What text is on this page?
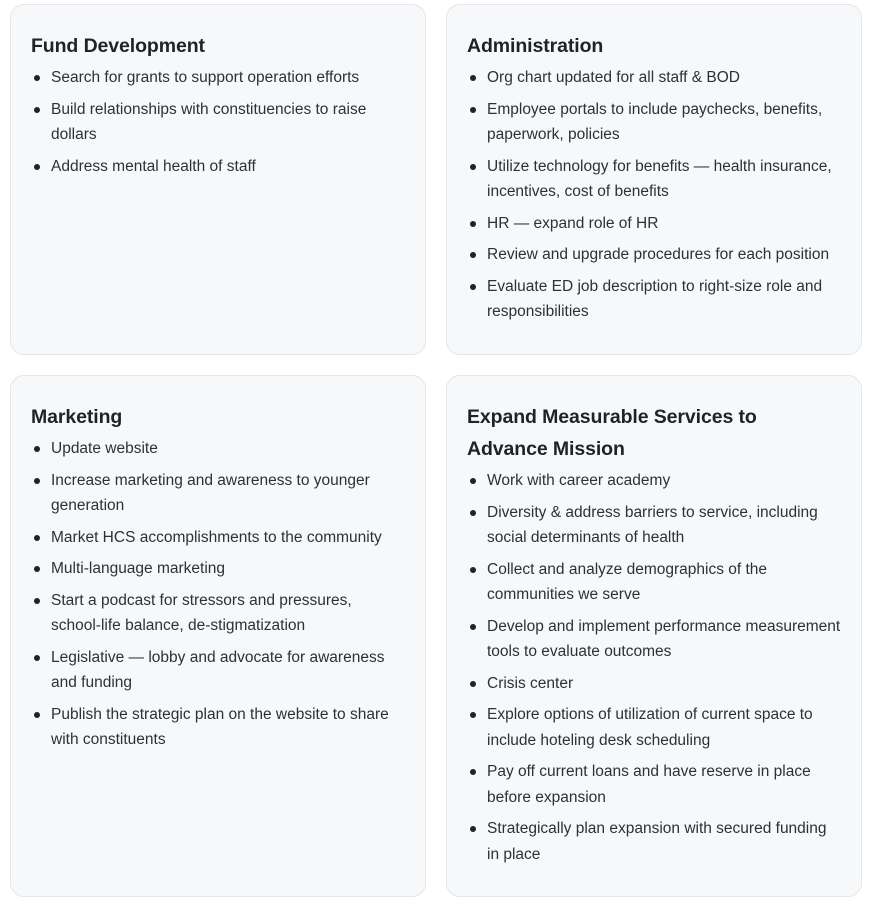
Fund Development
Search for grants to support operation efforts
Build relationships with constituencies to raise dollars
Address mental health of staff
Administration
Org chart updated for all staff & BOD
Employee portals to include paychecks, benefits, paperwork, policies
Utilize technology for benefits — health insurance, incentives, cost of benefits
HR — expand role of HR
Review and upgrade procedures for each position
Evaluate ED job description to right-size role and responsibilities
Marketing
Update website
Increase marketing and awareness to younger generation
Market HCS accomplishments to the community
Multi-language marketing
Start a podcast for stressors and pressures, school-life balance, de-stigmatization
Legislative — lobby and advocate for awareness and funding
Publish the strategic plan on the website to share with constituents
Expand Measurable Services to Advance Mission
Work with career academy
Diversity & address barriers to service, including social determinants of health
Collect and analyze demographics of the communities we serve
Develop and implement performance measurement tools to evaluate outcomes
Crisis center
Explore options of utilization of current space to include hoteling desk scheduling
Pay off current loans and have reserve in place before expansion
Strategically plan expansion with secured funding in place
